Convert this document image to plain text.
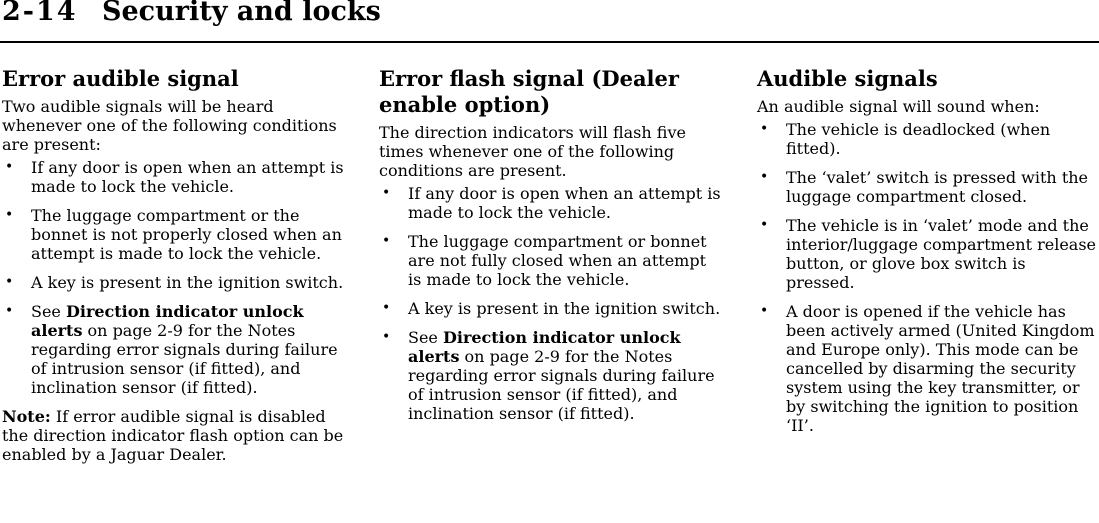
2-14 Security and locks
Error audible signal

Two audible signals will be heard whenever one of the following conditions are present:

• If any door is open when an attempt is made to lock the vehicle.
• The luggage compartment or the bonnet is not properly closed when an attempt is made to lock the vehicle.
• A key is present in the ignition switch.
• See Direction indicator unlock alerts on page 2-9 for the Notes regarding error signals during failure of intrusion sensor (if fitted), and inclination sensor (if fitted).

Note: If error audible signal is disabled the direction indicator flash option can be enabled by a Jaguar Dealer.

Error flash signal (Dealer enable option)

The direction indicators will flash five times whenever one of the following conditions are present.

• If any door is open when an attempt is made to lock the vehicle.
• The luggage compartment or bonnet are not fully closed when an attempt is made to lock the vehicle.
• A key is present in the ignition switch.
• See Direction indicator unlock alerts on page 2-9 for the Notes regarding error signals during failure of intrusion sensor (if fitted), and inclination sensor (if fitted).
Audible signals

An audible signal will sound when:

• The vehicle is deadlocked (when fitted).
• The ‘valet’ switch is pressed with the luggage compartment closed.
• The vehicle is in ‘valet’ mode and the interior/luggage compartment release button, or glove box switch is pressed.
• A door is opened if the vehicle has been actively armed (United Kingdom and Europe only). This mode can be cancelled by disarming the security system using the key transmitter, or by switching the ignition to position ‘II’.
